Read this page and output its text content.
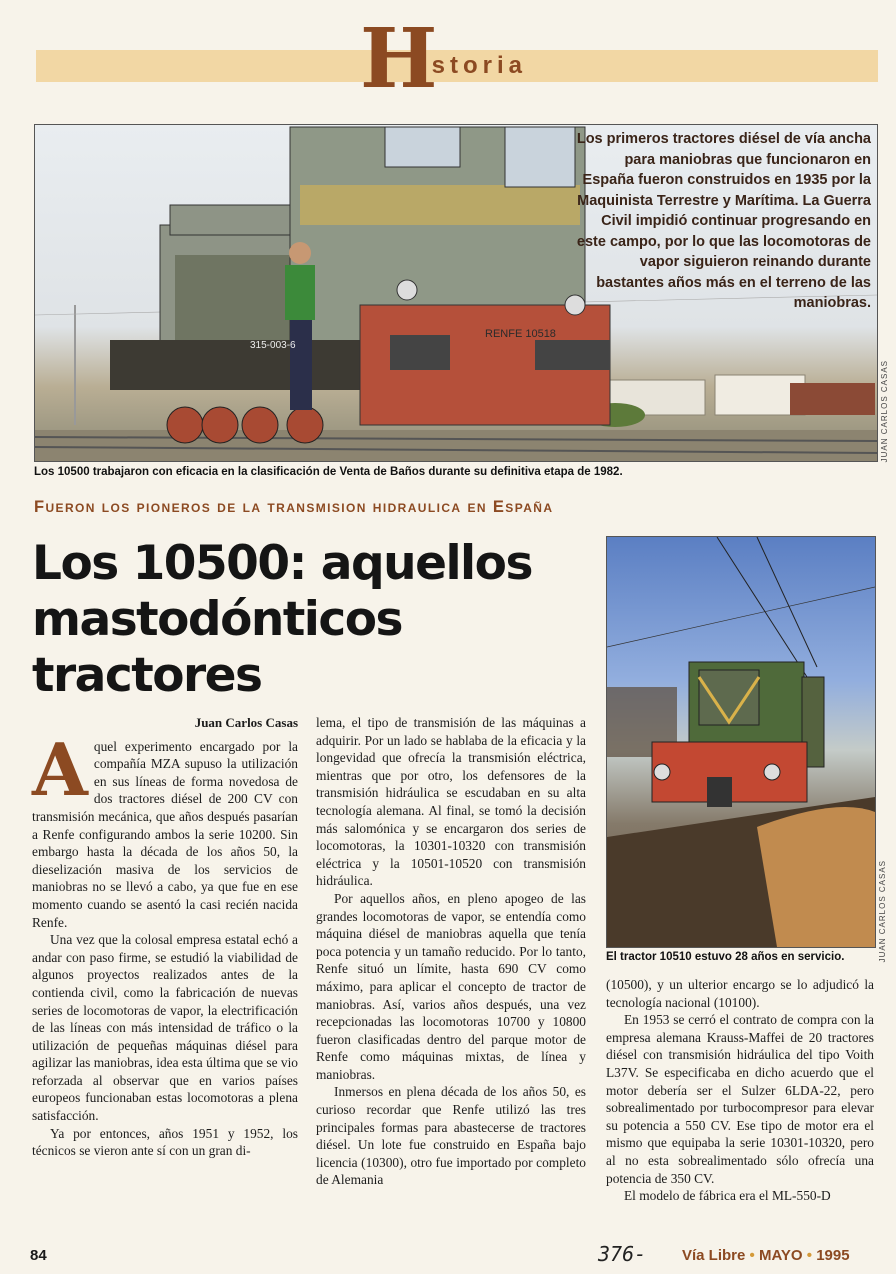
H
istoria
315-003-6
RENFE 10518
Los primeros tractores diésel de vía ancha para maniobras que funcionaron en España fueron construidos en 1935 por la Maquinista Terrestre y Marítima. La Guerra Civil impidió continuar progresando en este campo, por lo que las locomotoras de vapor siguieron reinando durante bastantes años más en el terreno de las maniobras.
JUAN CARLOS CASAS
Los 10500 trabajaron con eficacia en la clasificación de Venta de Baños durante su definitiva etapa de 1982.
Fueron los pioneros de la transmision hidraulica en España
Los 10500: aquellos mastodónticos tractores
JUAN CARLOS CASAS
El tractor 10510 estuvo 28 años en servicio.
Juan Carlos Casas
A quel experimento encargado por la compañía MZA supuso la utilización en sus líneas de forma novedosa de dos tractores diésel de 200 CV con transmisión mecánica, que años después pasarían a Renfe configurando ambos la serie 10200. Sin embargo hasta la década de los años 50, la dieselización masiva de los servicios de maniobras no se llevó a cabo, ya que fue en ese momento cuando se asentó la casi recién nacida Renfe.

Una vez que la colosal empresa estatal echó a andar con paso firme, se estudió la viabilidad de algunos proyectos realizados antes de la contienda civil, como la fabricación de nuevas series de locomotoras de vapor, la electrificación de las líneas con más intensidad de tráfico o la utilización de pequeñas máquinas diésel para agilizar las maniobras, idea esta última que se vio reforzada al observar que en varios países europeos funcionaban estas locomotoras a plena satisfacción.

Ya por entonces, años 1951 y 1952, los técnicos se vieron ante sí con un gran di-

lema, el tipo de transmisión de las máquinas a adquirir. Por un lado se hablaba de la eficacia y la longevidad que ofrecía la transmisión eléctrica, mientras que por otro, los defensores de la transmisión hidráulica se escudaban en su alta tecnología alemana. Al final, se tomó la decisión más salomónica y se encargaron dos series de locomotoras, la 10301-10320 con transmisión eléctrica y la 10501-10520 con transmisión hidráulica.

Por aquellos años, en pleno apogeo de las grandes locomotoras de vapor, se entendía como máquina diésel de maniobras aquella que tenía poca potencia y un tamaño reducido. Por lo tanto, Renfe situó un límite, hasta 690 CV como máximo, para aplicar el concepto de tractor de maniobras. Así, varios años después, una vez recepcionadas las locomotoras 10700 y 10800 fueron clasificadas dentro del parque motor de Renfe como máquinas mixtas, de línea y maniobras.

Inmersos en plena década de los años 50, es curioso recordar que Renfe utilizó las tres principales formas para abastecerse de tractores diésel. Un lote fue construido en España bajo licencia (10300), otro fue importado por completo de Alemania

(10500), y un ulterior encargo se lo adjudicó la tecnología nacional (10100).

En 1953 se cerró el contrato de compra con la empresa alemana Krauss-Maffei de 20 tractores diésel con transmisión hidráulica del tipo Voith L37V. Se especificaba en dicho acuerdo que el motor debería ser el Sulzer 6LDA-22, pero sobrealimentado por turbocompresor para elevar su potencia a 550 CV. Ese tipo de motor era el mismo que equipaba la serie 10301-10320, pero al no esta sobrealimentado sólo ofrecía una potencia de 350 CV.

El modelo de fábrica era el ML-550-D

84	376- Vía Libre • MAYO • 1995
